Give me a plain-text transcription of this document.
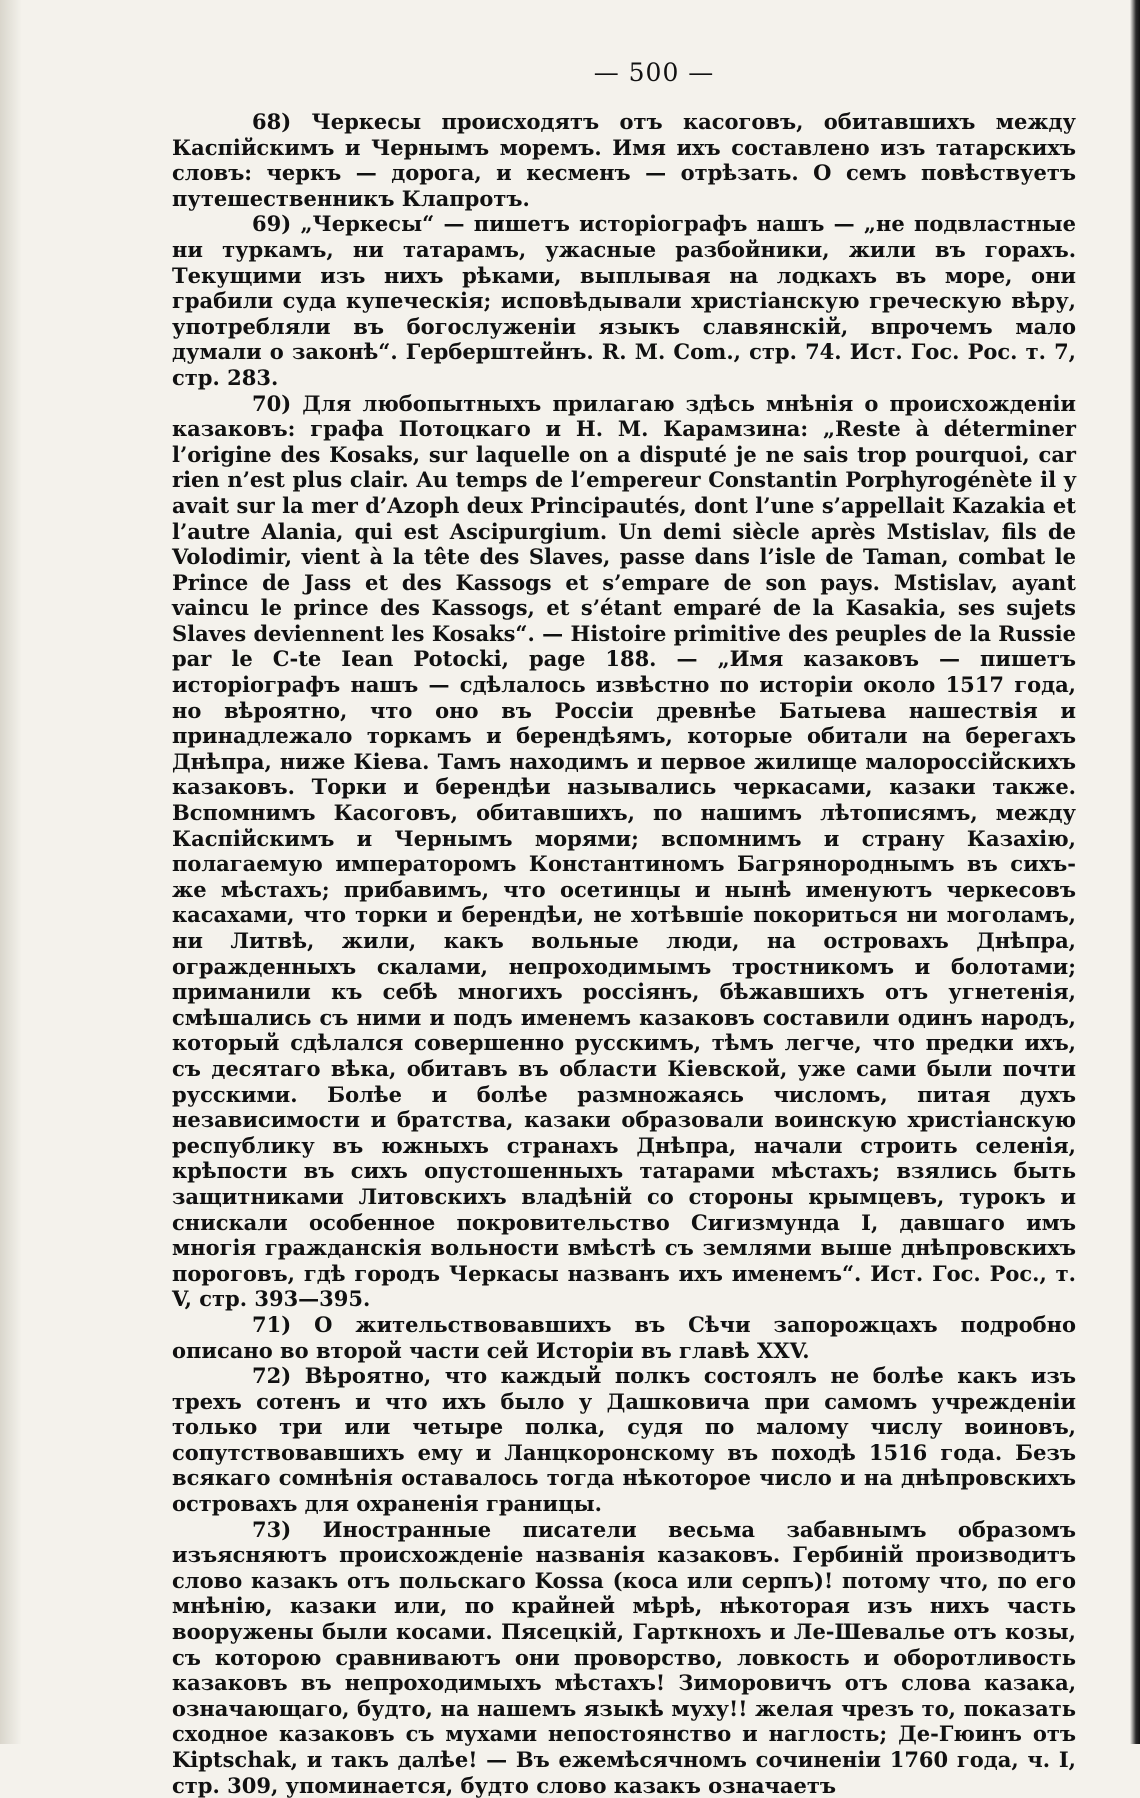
— 500 —

68) Черкесы происходятъ отъ касоговъ, обитавшихъ между Каспійскимъ и Чернымъ моремъ. Имя ихъ составлено изъ татарскихъ словъ: черкъ — дорога, и кесменъ — отрѣзать. О семъ повѣствуетъ путешественникъ Клапротъ.

69) „Черкесы“ — пишетъ исторіографъ нашъ — „не подвластные ни туркамъ, ни татарамъ, ужасные разбойники, жили въ горахъ. Текущими изъ нихъ рѣками, выплывая на лодкахъ въ море, они грабили суда купеческія; исповѣдывали христіанскую греческую вѣру, употребляли въ богослуженіи языкъ славянскій, впрочемъ мало думали о законѣ“. Герберштейнъ. R. M. Com., стр. 74. Ист. Гос. Рос. т. 7, стр. 283.

70) Для любопытныхъ прилагаю здѣсь мнѣнія о происхожденіи казаковъ: графа Потоцкаго и Н. М. Карамзина: „Reste à déterminer l’origine des Kosaks, sur laquelle on a disputé je ne sais trop pourquoi, car rien n’est plus clair. Au temps de l’empereur Constantin Porphyrogénète il y avait sur la mer d’Azoph deux Principautés, dont l’une s’appellait Kazakia et l’autre Alania, qui est Ascipurgium. Un demi siècle après Mstislav, fils de Volodimir, vient à la tête des Slaves, passe dans l’isle de Taman, combat le Prince de Jass et des Kassogs et s’empare de son pays. Mstislav, ayant vaincu le prince des Kassogs, et s’étant emparé de la Kasakia, ses sujets Slaves deviennent les Kosaks“. — Histoire primitive des peuples de la Russie par le C-te Iean Potocki, page 188. — „Имя казаковъ — пишетъ исторіографъ нашъ — сдѣлалось извѣстно по исторіи около 1517 года, но вѣроятно, что оно въ Россіи древнѣе Батыева нашествія и принадлежало торкамъ и берендѣямъ, которые обитали на берегахъ Днѣпра, ниже Кіева. Тамъ находимъ и первое жилище малороссійскихъ казаковъ. Торки и берендѣи назывались черкасами, казаки также. Вспомнимъ Касоговъ, обитавшихъ, по нашимъ лѣтописямъ, между Каспійскимъ и Чернымъ морями; вспомнимъ и страну Казахію, полагаемую императоромъ Константиномъ Багрянороднымъ въ сихъ-же мѣстахъ; прибавимъ, что осетинцы и нынѣ именуютъ черкесовъ касахами, что торки и берендѣи, не хотѣвшіе покориться ни моголамъ, ни Литвѣ, жили, какъ вольные люди, на островахъ Днѣпра, огражденныхъ скалами, непроходимымъ тростникомъ и болотами; приманили къ себѣ многихъ россіянъ, бѣжавшихъ отъ угнетенія, смѣшались съ ними и подъ именемъ казаковъ составили одинъ народъ, который сдѣлался совершенно русскимъ, тѣмъ легче, что предки ихъ, съ десятаго вѣка, обитавъ въ области Кіевской, уже сами были почти русскими. Болѣе и болѣе размножаясь числомъ, питая духъ независимости и братства, казаки образовали воинскую христіанскую республику въ южныхъ странахъ Днѣпра, начали строить селенія, крѣпости въ сихъ опустошенныхъ татарами мѣстахъ; взялись быть защитниками Литовскихъ владѣній со стороны крымцевъ, турокъ и снискали особенное покровительство Сигизмунда I, давшаго имъ многія гражданскія вольности вмѣстѣ съ землями выше днѣпровскихъ пороговъ, гдѣ городъ Черкасы названъ ихъ именемъ“. Ист. Гос. Рос., т. V, стр. 393—395.

71) О жительствовавшихъ въ Сѣчи запорожцахъ подробно описано во второй части сей Исторіи въ главѣ XXV.

72) Вѣроятно, что каждый полкъ состоялъ не болѣе какъ изъ трехъ сотенъ и что ихъ было у Дашковича при самомъ учрежденіи только три или четыре полка, судя по малому числу воиновъ, сопутствовавшихъ ему и Ланцкоронскому въ походѣ 1516 года. Безъ всякаго сомнѣнія оставалось тогда нѣкоторое число и на днѣпровскихъ островахъ для охраненія границы.

73) Иностранные писатели весьма забавнымъ образомъ изъясняютъ происхожденіе названія казаковъ. Гербиній производитъ слово казакъ отъ польскаго Kossa (коса или серпъ)! потому что, по его мнѣнію, казаки или, по крайней мѣрѣ, нѣкоторая изъ нихъ часть вооружены были косами. Пясецкій, Гарткнохъ и Ле-Шевалье отъ козы, съ которою сравниваютъ они проворство, ловкость и оборотливость казаковъ въ непроходимыхъ мѣстахъ! Зиморовичъ отъ слова казака, означающаго, будто, на нашемъ языкѣ муху!! желая чрезъ то, показать сходное казаковъ съ мухами непостоянство и наглость; Де-Гюинъ отъ Kiptschak, и такъ далѣе! — Въ ежемѣсячномъ сочиненіи 1760 года, ч. I, стр. 309, упоминается, будто слово казакъ означаетъ
